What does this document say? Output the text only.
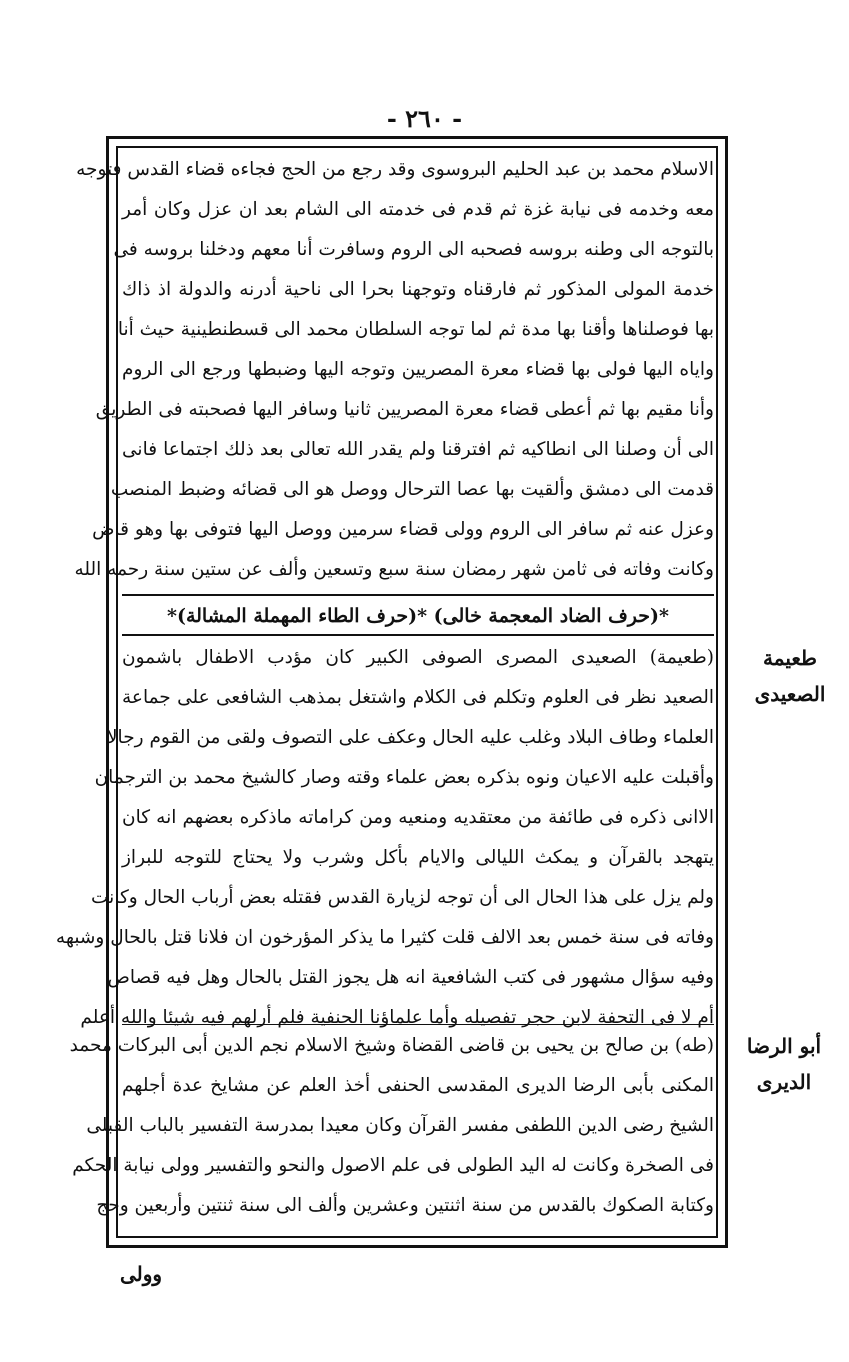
- ٢٦٠ -
الاسلام محمد بن عبد الحليم البروسوى وقد رجع من الحج فجاءه قضاء القدس فتوجه
معه وخدمه فى نيابة غزة ثم قدم فى خدمته الى الشام بعد ان عزل وكان أمر
بالتوجه الى وطنه بروسه فصحبه الى الروم وسافرت أنا معهم ودخلنا بروسه فى
خدمة المولى المذكور ثم فارقناه وتوجهنا بحرا الى ناحية أدرنه والدولة اذ ذاك
بها فوصلناها وأقنا بها مدة ثم لما توجه السلطان محمد الى قسطنطينية حيث أنا
واياه اليها فولى بها قضاء معرة المصريين وتوجه اليها وضبطها ورجع الى الروم
وأنا مقيم بها ثم أعطى قضاء معرة المصريين ثانيا وسافر اليها فصحبته فى الطريق
الى أن وصلنا الى انطاكيه ثم افترقنا ولم يقدر الله تعالى بعد ذلك اجتماعا فانى
قدمت الى دمشق وألقيت بها عصا الترحال ووصل هو الى قضائه وضبط المنصب
وعزل عنه ثم سافر الى الروم وولى قضاء سرمين ووصل اليها فتوفى بها وهو قاض
وكانت وفاته فى ثامن شهر رمضان سنة سبع وتسعين وألف عن ستين سنة رحمه الله
*(حرف الضاد المعجمة خالى) *(حرف الطاء المهملة المشالة)*
طعيمة
الصعيدى
(طعيمة) الصعيدى المصرى الصوفى الكبير كان مؤدب الاطفال باشمون
الصعيد نظر فى العلوم وتكلم فى الكلام واشتغل بمذهب الشافعى على جماعة
العلماء وطاف البلاد وغلب عليه الحال وعكف على التصوف ولقى من القوم رجالا
وأقبلت عليه الاعيان ونوه بذكره بعض علماء وقته وصار كالشيخ محمد بن الترجمان
الاانى ذكره فى طائفة من معتقديه ومنعيه ومن كراماته ماذكره بعضهم انه كان
يتهجد بالقرآن و يمكث الليالى والايام بأكل وشرب ولا يحتاج للتوجه للبراز
ولم يزل على هذا الحال الى أن توجه لزيارة القدس فقتله بعض أرباب الحال وكانت
وفاته فى سنة خمس بعد الالف قلت كثيرا ما يذكر المؤرخون ان فلانا قتل بالحال وشبهه
وفيه سؤال مشهور فى كتب الشافعية انه هل يجوز القتل بالحال وهل فيه قصاص
أم لا فى التحفة لابن حجر تفصيله وأما علماؤنا الحنفية فلم أرلهم فيه شيئا والله أعلم
أبو الرضا
الديرى
(طه) بن صالح بن يحيى بن قاضى القضاة وشيخ الاسلام نجم الدين أبى البركات محمد
المكنى بأبى الرضا الديرى المقدسى الحنفى أخذ العلم عن مشايخ عدة أجلهم
الشيخ رضى الدين اللطفى مفسر القرآن وكان معيدا بمدرسة التفسير بالباب القبلى
فى الصخرة وكانت له اليد الطولى فى علم الاصول والنحو والتفسير وولى نيابة الحكم
وكتابة الصكوك بالقدس من سنة اثنتين وعشرين وألف الى سنة ثنتين وأربعين وحج
وولى
